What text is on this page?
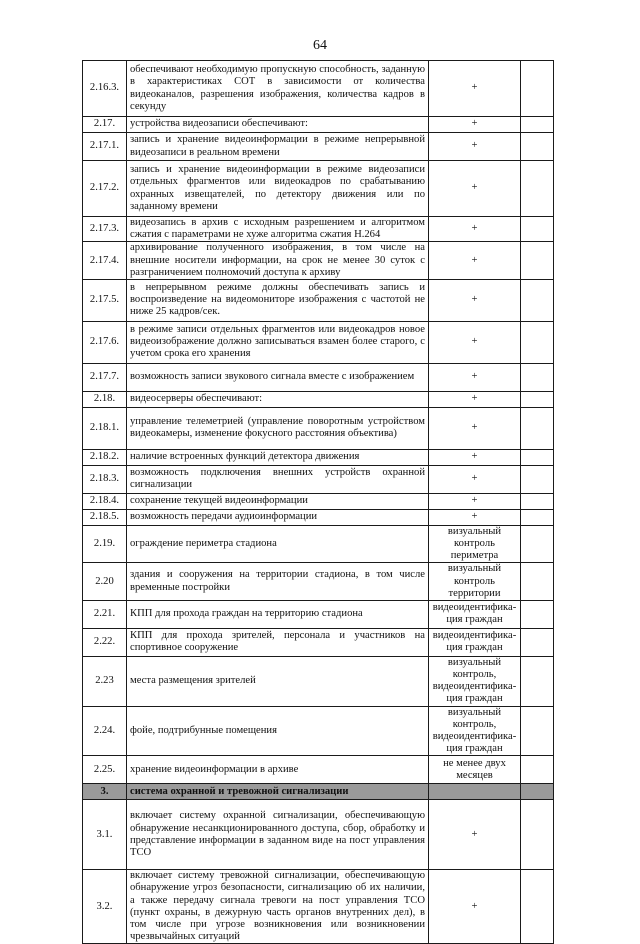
64
2.16.3.	обеспечивают необходимую пропускную способность, заданную в характеристиках СОТ в зависимости от количества видеоканалов, разрешения изображения, количества кадров в секунду	+	
2.17.	устройства видеозаписи обеспечивают:	+	
2.17.1.	запись и хранение видеоинформации в режиме непрерывной видеозаписи в реальном времени	+	
2.17.2.	запись и хранение видеоинформации в режиме видеозаписи отдельных фрагментов или видеокадров по срабатыванию охранных извещателей, по детектору движения или по заданному времени	+	
2.17.3.	видеозапись в архив с исходным разрешением и алгоритмом сжатия с параметрами не хуже алгоритма сжатия Н.264	+	
2.17.4.	архивирование полученного изображения, в том числе на внешние носители информации, на срок не менее 30 суток с разграничением полномочий доступа к архиву	+	
2.17.5.	в непрерывном режиме должны обеспечивать запись и воспроизведение на видеомониторе изображения с частотой не ниже 25 кадров/сек.	+	
2.17.6.	в режиме записи отдельных фрагментов или видеокадров новое видеоизображение должно записываться взамен более старого, с учетом срока его хранения	+	
2.17.7.	возможность записи звукового сигнала вместе с изображением	+	
2.18.	видеосерверы обеспечивают:	+	
2.18.1.	управление телеметрией (управление поворотным устройством видеокамеры, изменение фокусного расстояния объектива)	+	
2.18.2.	наличие встроенных функций детектора движения	+	
2.18.3.	возможность подключения внешних устройств охранной сигнализации	+	
2.18.4.	сохранение текущей видеоинформации	+	
2.18.5.	возможность передачи аудиоинформации	+	
2.19.	ограждение периметра стадиона	визуальный контроль периметра	
2.20	здания и сооружения на территории стадиона, в том числе временные постройки	визуальный контроль территории	
2.21.	КПП для прохода граждан на территорию стадиона	видеоидентифика-ция граждан	
2.22.	КПП для прохода зрителей, персонала и участников на спортивное сооружение	видеоидентифика-ция граждан	
2.23	места размещения зрителей	визуальный контроль, видеоидентифика-ция граждан	
2.24.	фойе, подтрибунные помещения	визуальный контроль, видеоидентифика-ция граждан	
2.25.	хранение видеоинформации в архиве	не менее двух месяцев	
3.	система охранной и тревожной сигнализации		
3.1.	включает систему охранной сигнализации, обеспечивающую обнаружение несанкционированного доступа, сбор, обработку и представление информации в заданном виде на пост управления ТСО	+	
3.2.	включает систему тревожной сигнализации, обеспечивающую обнаружение угроз безопасности, сигнализацию об их наличии, а также передачу сигнала тревоги на пост управления ТСО (пункт охраны, в дежурную часть органов внутренних дел), в том числе при угрозе возникновения или возникновении чрезвычайных ситуаций	+	
